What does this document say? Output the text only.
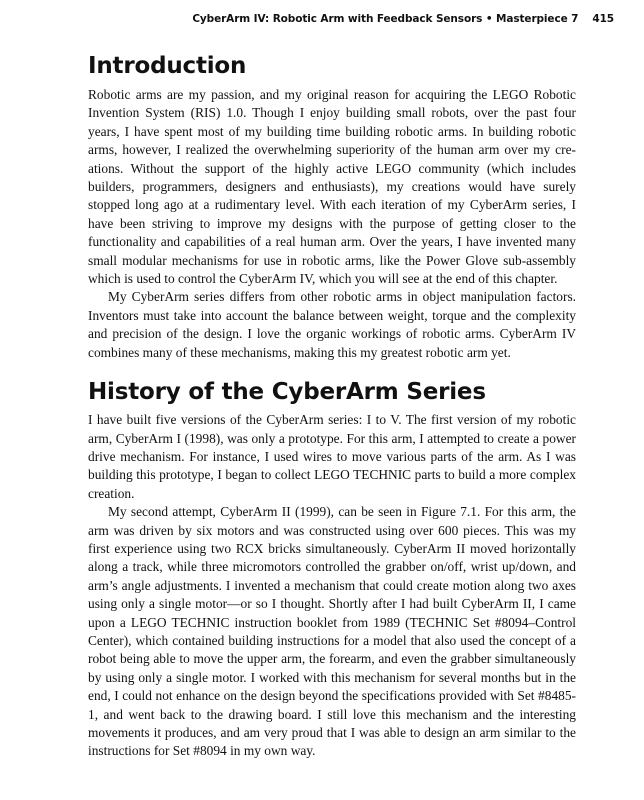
CyberArm IV: Robotic Arm with Feedback Sensors • Masterpiece 7 415
Introduction

Robotic arms are my passion, and my original reason for acquiring the LEGO Robotic Invention System (RIS) 1.0. Though I enjoy building small robots, over the past four years, I have spent most of my building time building robotic arms. In building robotic arms, however, I realized the overwhelming superiority of the human arm over my creations. Without the support of the highly active LEGO community (which includes builders, programmers, designers and enthusiasts), my creations would have surely stopped long ago at a rudimentary level. With each iteration of my CyberArm series, I have been striving to improve my designs with the purpose of getting closer to the functionality and capabilities of a real human arm. Over the years, I have invented many small modular mechanisms for use in robotic arms, like the Power Glove sub-assembly which is used to control the CyberArm IV, which you will see at the end of this chapter.

My CyberArm series differs from other robotic arms in object manipulation factors. Inventors must take into account the balance between weight, torque and the complexity and precision of the design. I love the organic workings of robotic arms. CyberArm IV combines many of these mechanisms, making this my greatest robotic arm yet.

History of the CyberArm Series

I have built five versions of the CyberArm series: I to V. The first version of my robotic arm, CyberArm I (1998), was only a prototype. For this arm, I attempted to create a power drive mechanism. For instance, I used wires to move various parts of the arm. As I was building this prototype, I began to collect LEGO TECHNIC parts to build a more complex creation.

My second attempt, CyberArm II (1999), can be seen in Figure 7.1. For this arm, the arm was driven by six motors and was constructed using over 600 pieces. This was my first experience using two RCX bricks simultaneously. CyberArm II moved horizontally along a track, while three micromotors controlled the grabber on/off, wrist up/down, and arm’s angle adjustments. I invented a mechanism that could create motion along two axes using only a single motor—or so I thought. Shortly after I had built CyberArm II, I came upon a LEGO TECHNIC instruction booklet from 1989 (TECHNIC Set #8094–Control Center), which contained building instructions for a model that also used the concept of a robot being able to move the upper arm, the forearm, and even the grabber simultaneously by using only a single motor. I worked with this mechanism for several months but in the end, I could not enhance on the design beyond the specifications provided with Set #8485-1, and went back to the drawing board. I still love this mechanism and the interesting movements it produces, and am very proud that I was able to design an arm similar to the instructions for Set #8094 in my own way.
